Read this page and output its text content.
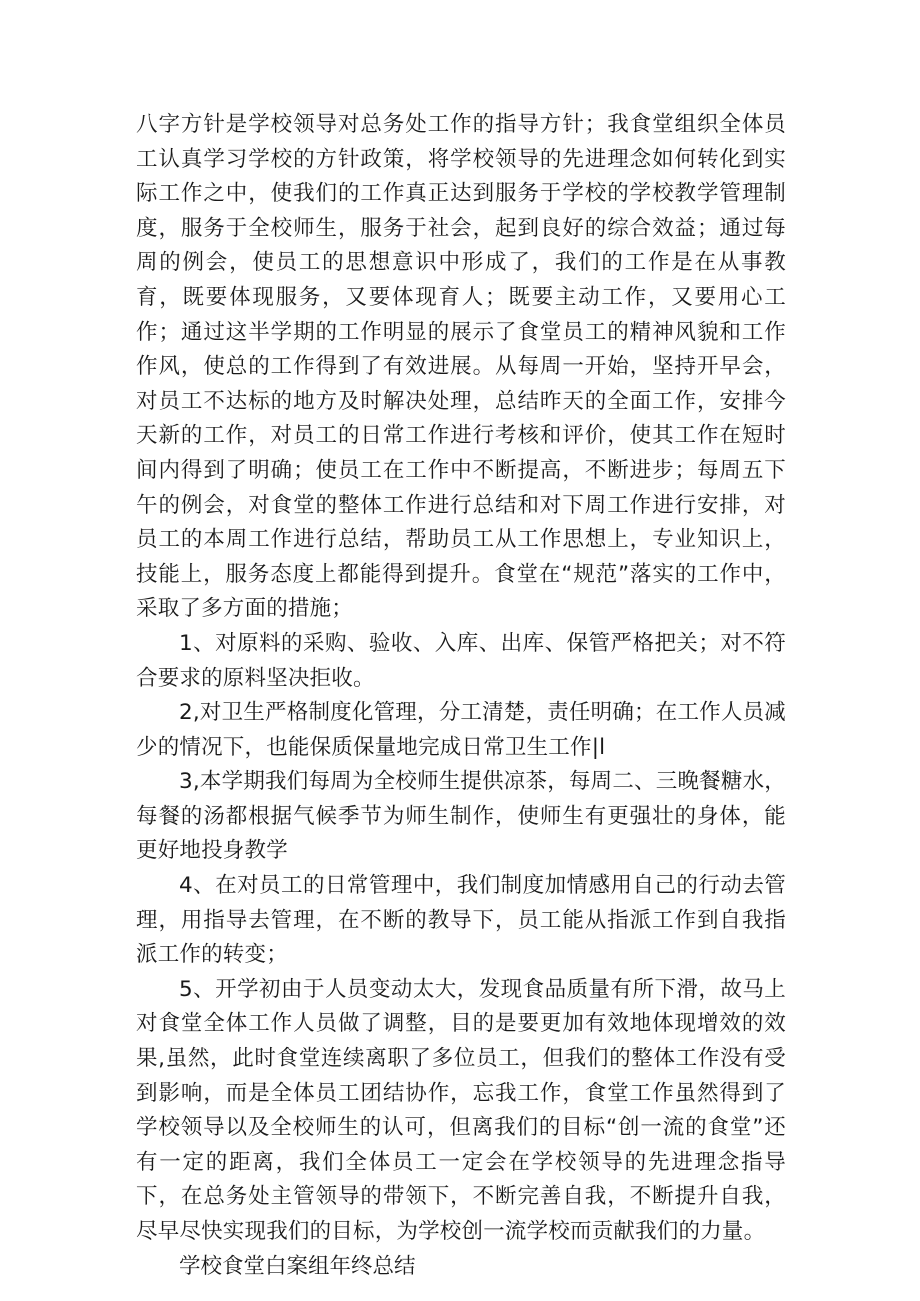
八字方针是学校领导对总务处工作的指导方针；我食堂组织全体员工认真学习学校的方针政策，将学校领导的先进理念如何转化到实际工作之中，使我们的工作真正达到服务于学校的学校教学管理制度，服务于全校师生，服务于社会，起到良好的综合效益；通过每周的例会，使员工的思想意识中形成了，我们的工作是在从事教育，既要体现服务，又要体现育人；既要主动工作，又要用心工作；通过这半学期的工作明显的展示了食堂员工的精神风貌和工作作风，使总的工作得到了有效进展。从每周一开始，坚持开早会，对员工不达标的地方及时解决处理，总结昨天的全面工作，安排今天新的工作，对员工的日常工作进行考核和评价，使其工作在短时间内得到了明确；使员工在工作中不断提高，不断进步；每周五下午的例会，对食堂的整体工作进行总结和对下周工作进行安排，对员工的本周工作进行总结，帮助员工从工作思想上，专业知识上，技能上，服务态度上都能得到提升。食堂在“规范”落实的工作中，采取了多方面的措施；

1、对原料的采购、验收、入库、出库、保管严格把关；对不符合要求的原料坚决拒收。

2,对卫生严格制度化管理，分工清楚，责任明确；在工作人员减少的情况下，也能保质保量地完成日常卫生工作|l

3,本学期我们每周为全校师生提供凉茶，每周二、三晚餐糖水，每餐的汤都根据气候季节为师生制作，使师生有更强壮的身体，能更好地投身教学

4、在对员工的日常管理中，我们制度加情感用自己的行动去管理，用指导去管理，在不断的教导下，员工能从指派工作到自我指派工作的转变；

5、开学初由于人员变动太大，发现食品质量有所下滑，故马上对食堂全体工作人员做了调整，目的是要更加有效地体现增效的效果,虽然，此时食堂连续离职了多位员工，但我们的整体工作没有受到影响，而是全体员工团结协作，忘我工作，食堂工作虽然得到了学校领导以及全校师生的认可，但离我们的目标“创一流的食堂”还有一定的距离，我们全体员工一定会在学校领导的先进理念指导下，在总务处主管领导的带领下，不断完善自我，不断提升自我，尽早尽快实现我们的目标，为学校创一流学校而贡献我们的力量。

学校食堂白案组年终总结
